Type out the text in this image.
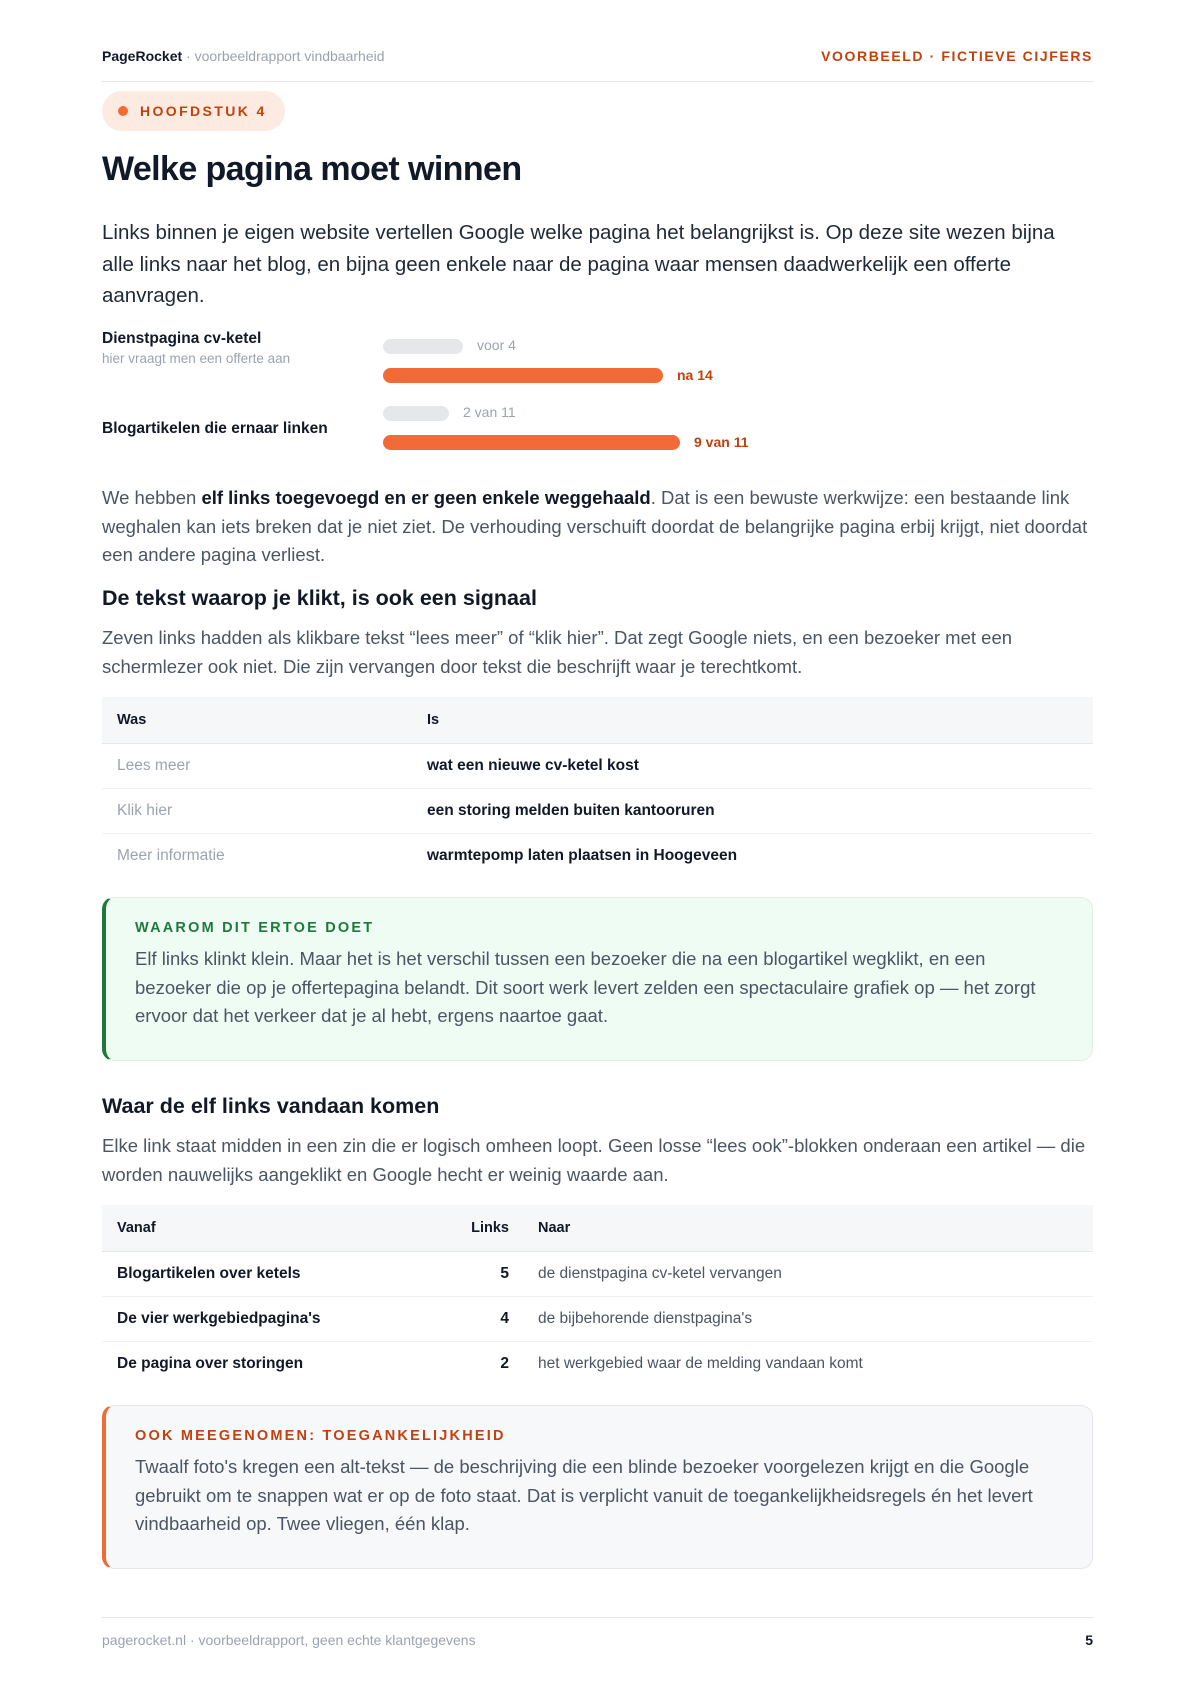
PageRocket · voorbeeldrapport vindbaarheid	VOORBEELD · FICTIEVE CIJFERS
HOOFDSTUK 4
Welke pagina moet winnen

Links binnen je eigen website vertellen Google welke pagina het belangrijkst is. Op deze site wezen bijna alle links naar het blog, en bijna geen enkele naar de pagina waar mensen daadwerkelijk een offerte aanvragen.

Dienstpagina cv-ketel
hier vraagt men een offerte aan
voor 4
na 14
Blogartikelen die ernaar linken
2 van 11
9 van 11

We hebben elf links toegevoegd en er geen enkele weggehaald. Dat is een bewuste werkwijze: een bestaande link weghalen kan iets breken dat je niet ziet. De verhouding verschuift doordat de belangrijke pagina erbij krijgt, niet doordat een andere pagina verliest.

De tekst waarop je klikt, is ook een signaal

Zeven links hadden als klikbare tekst “lees meer” of “klik hier”. Dat zegt Google niets, en een bezoeker met een schermlezer ook niet. Die zijn vervangen door tekst die beschrijft waar je terechtkomt.

Was	Is
Lees meer	wat een nieuwe cv-ketel kost
Klik hier	een storing melden buiten kantooruren
Meer informatie	warmtepomp laten plaatsen in Hoogeveen
WAAROM DIT ERTOE DOET
Elf links klinkt klein. Maar het is het verschil tussen een bezoeker die na een blogartikel wegklikt, en een bezoeker die op je offertepagina belandt. Dit soort werk levert zelden een spectaculaire grafiek op — het zorgt ervoor dat het verkeer dat je al hebt, ergens naartoe gaat.
Waar de elf links vandaan komen

Elke link staat midden in een zin die er logisch omheen loopt. Geen losse “lees ook”-blokken onderaan een artikel — die worden nauwelijks aangeklikt en Google hecht er weinig waarde aan.

Vanaf	Links	Naar
Blogartikelen over ketels	5	de dienstpagina cv-ketel vervangen
De vier werkgebiedpagina's	4	de bijbehorende dienstpagina's
De pagina over storingen	2	het werkgebied waar de melding vandaan komt
OOK MEEGENOMEN: TOEGANKELIJKHEID
Twaalf foto's kregen een alt-tekst — de beschrijving die een blinde bezoeker voorgelezen krijgt en die Google gebruikt om te snappen wat er op de foto staat. Dat is verplicht vanuit de toegankelijkheidsregels én het levert vindbaarheid op. Twee vliegen, één klap.
pagerocket.nl · voorbeeldrapport, geen echte klantgegevens	5
